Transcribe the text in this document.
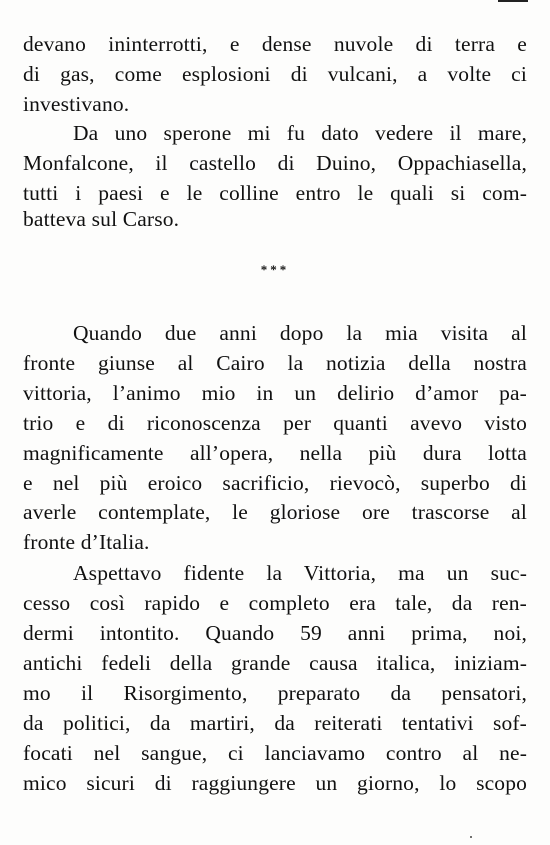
devano ininterrotti, e dense nuvole di terra e
di gas, come esplosioni di vulcani, a volte ci
investivano.
Da uno sperone mi fu dato vedere il mare,
Monfalcone, il castello di Duino, Oppachiasella,
tutti i paesi e le colline entro le quali si com-
batteva sul Carso.
***
Quando due anni dopo la mia visita al
fronte giunse al Cairo la notizia della nostra
vittoria, l’animo mio in un delirio d’amor pa-
trio e di riconoscenza per quanti avevo visto
magnificamente all’opera, nella più dura lotta
e nel più eroico sacrificio, rievocò, superbo di
averle contemplate, le gloriose ore trascorse al
fronte d’Italia.
Aspettavo fidente la Vittoria, ma un suc-
cesso così rapido e completo era tale, da ren-
dermi intontito. Quando 59 anni prima, noi,
antichi fedeli della grande causa italica, iniziam-
mo il Risorgimento, preparato da pensatori,
da politici, da martiri, da reiterati tentativi sof-
focati nel sangue, ci lanciavamo contro al ne-
mico sicuri di raggiungere un giorno, lo scopo
